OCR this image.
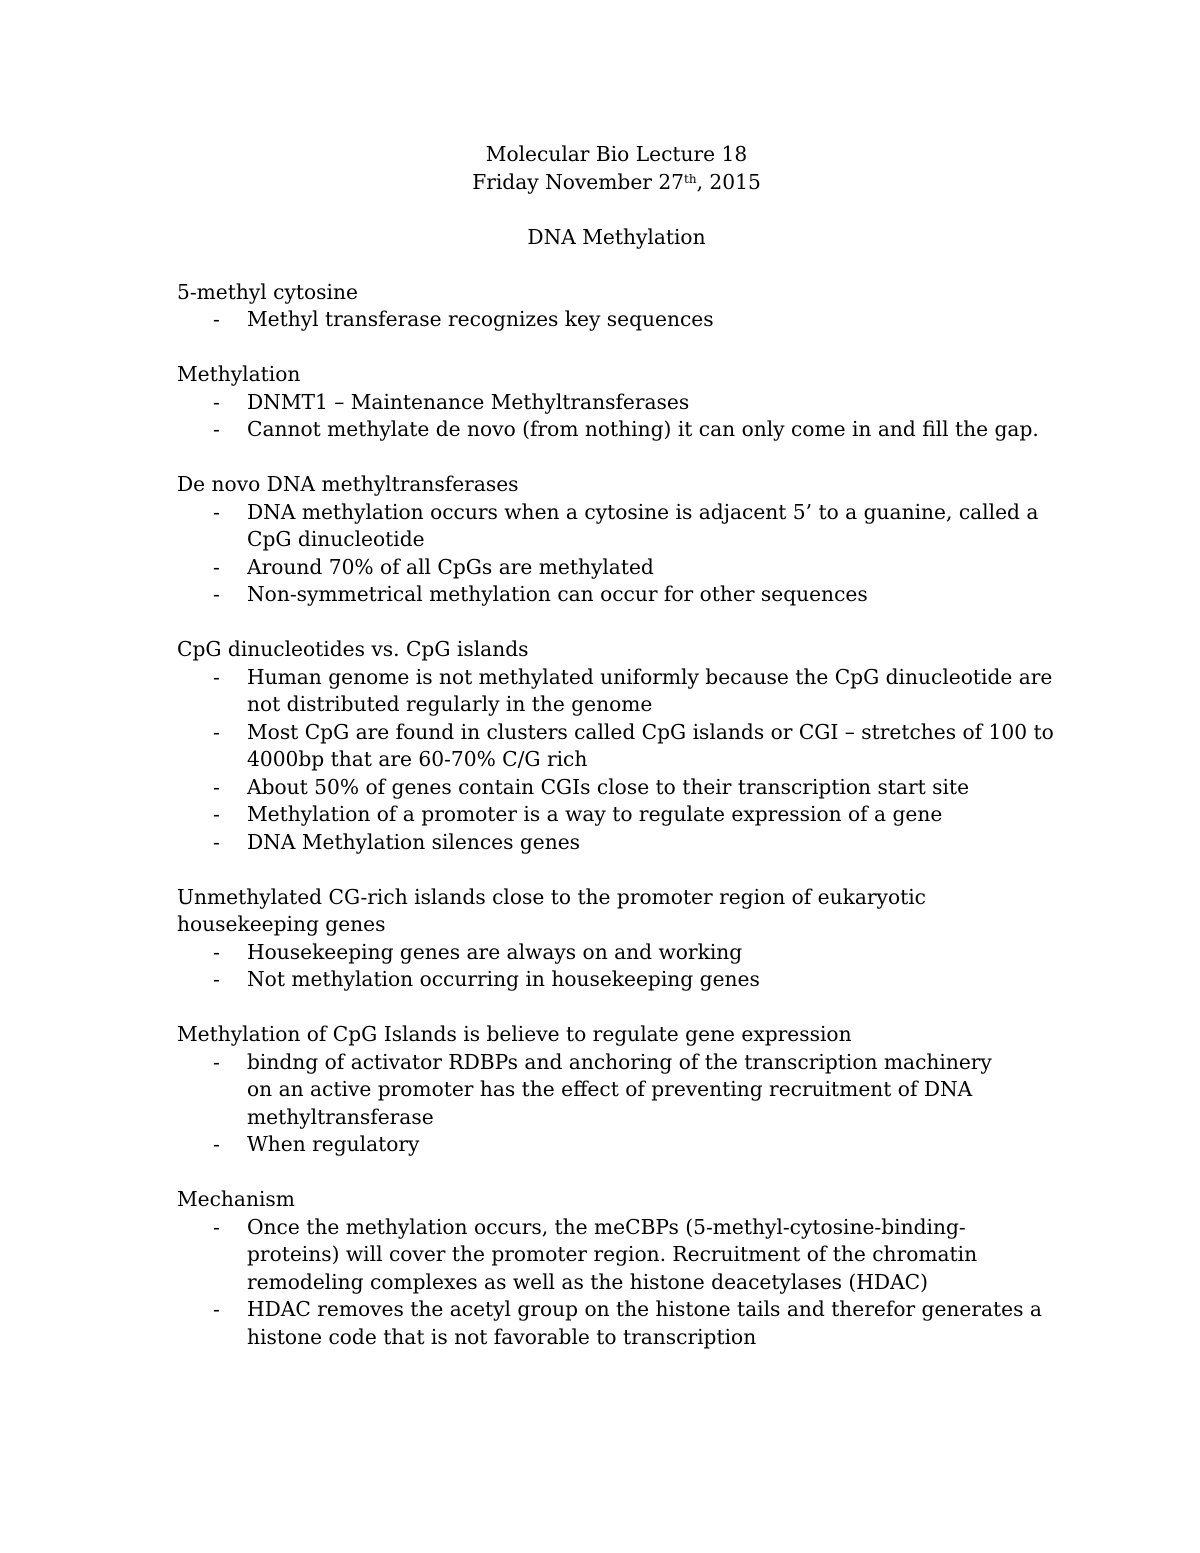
Molecular Bio Lecture 18
Friday November 27th, 2015
DNA Methylation
5-methyl cytosine
- Methyl transferase recognizes key sequences
Methylation
- DNMT1 – Maintenance Methyltransferases
- Cannot methylate de novo (from nothing) it can only come in and fill the gap.
De novo DNA methyltransferases
- DNA methylation occurs when a cytosine is adjacent 5’ to a guanine, called a CpG dinucleotide
- Around 70% of all CpGs are methylated
- Non-symmetrical methylation can occur for other sequences
CpG dinucleotides vs. CpG islands
- Human genome is not methylated uniformly because the CpG dinucleotide are not distributed regularly in the genome
- Most CpG are found in clusters called CpG islands or CGI – stretches of 100 to 4000bp that are 60-70% C/G rich
- About 50% of genes contain CGIs close to their transcription start site
- Methylation of a promoter is a way to regulate expression of a gene
- DNA Methylation silences genes
Unmethylated CG-rich islands close to the promoter region of eukaryotic housekeeping genes
- Housekeeping genes are always on and working
- Not methylation occurring in housekeeping genes
Methylation of CpG Islands is believe to regulate gene expression
- bindng of activator RDBPs and anchoring of the transcription machinery on an active promoter has the effect of preventing recruitment of DNA methyltransferase
- When regulatory
Mechanism
- Once the methylation occurs, the meCBPs (5-methyl-cytosine-binding-proteins) will cover the promoter region. Recruitment of the chromatin remodeling complexes as well as the histone deacetylases (HDAC)
- HDAC removes the acetyl group on the histone tails and therefor generates a histone code that is not favorable to transcription
